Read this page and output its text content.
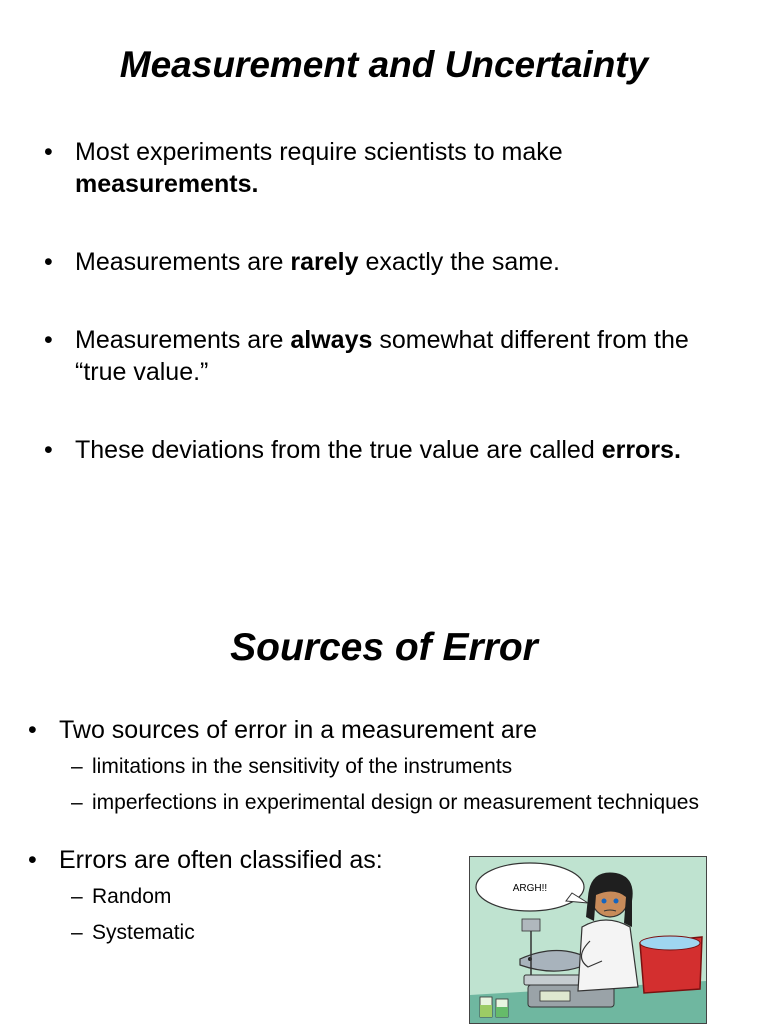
Measurement and Uncertainty
• Most experiments require scientists to make measurements.
• Measurements are rarely exactly the same.
• Measurements are always somewhat different from the “true value.”
• These deviations from the true value are called errors.
Sources of Error
• Two sources of error in a measurement are
– limitations in the sensitivity of the instruments
– imperfections in experimental design or measurement techniques
• Errors are often classified as:
– Random
– Systematic
ARGH!!
